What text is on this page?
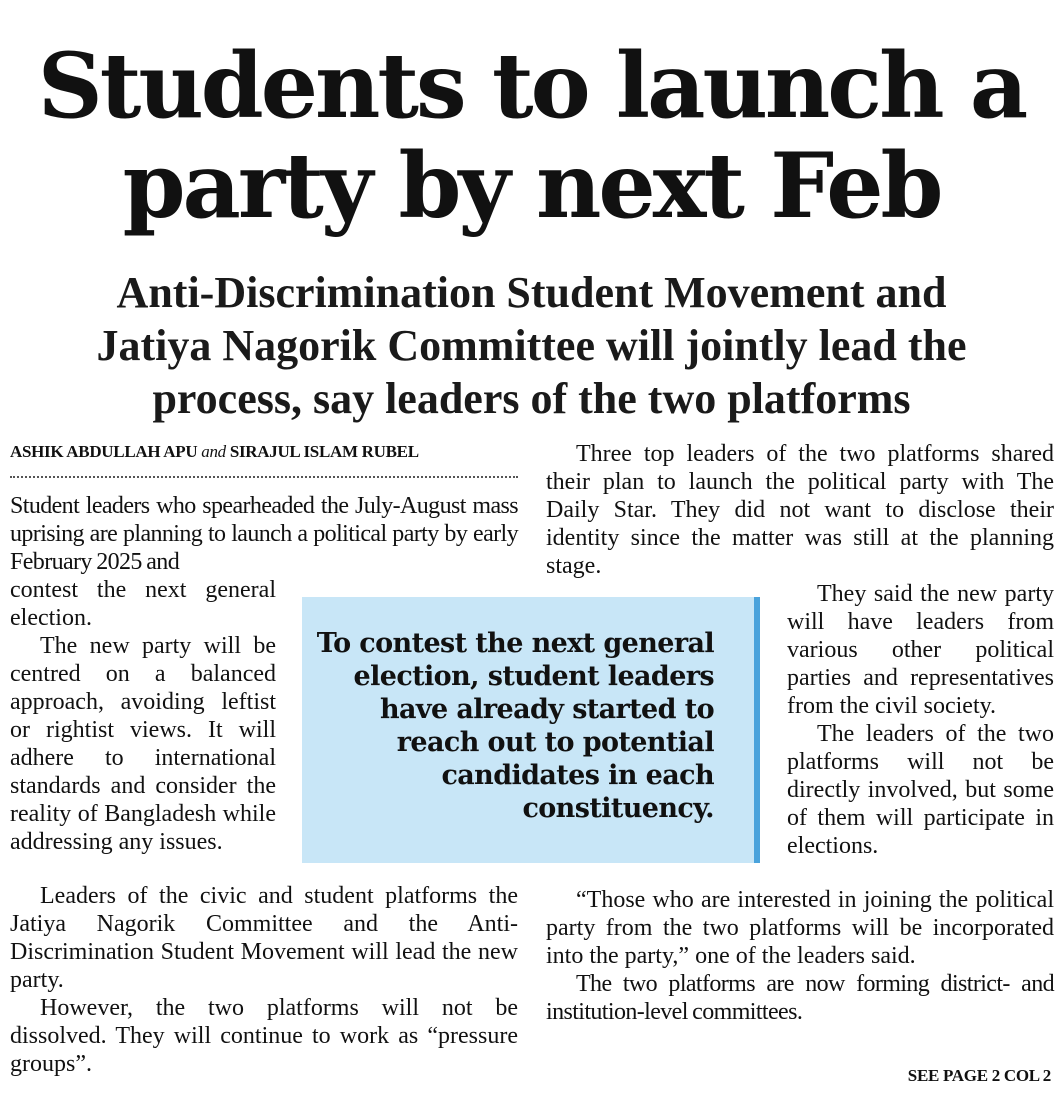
Students to launch a
party by next Feb
Anti-Discrimination Student Movement and
Jatiya Nagorik Committee will jointly lead the
process, say leaders of the two platforms
ASHIK ABDULLAH APU and SIRAJUL ISLAM RUBEL

Student leaders who spearheaded the July-August mass uprising are planning to launch a political party by early February 2025 and

contest the next general election.

The new party will be centred on a balanced approach, avoiding leftist or rightist views. It will adhere to international standards and consider the reality of Bangladesh while addressing any issues.

Leaders of the civic and student platforms the Jatiya Nagorik Committee and the Anti-Discrimination Student Movement will lead the new party.

However, the two platforms will not be dissolved. They will continue to work as “pressure groups”.

To contest the next general election, student leaders have already started to reach out to potential candidates in each constituency.

Three top leaders of the two platforms shared their plan to launch the political party with The Daily Star. They did not want to disclose their identity since the matter was still at the planning stage.

They said the new party will have leaders from various other political parties and representatives from the civil society.

The leaders of the two platforms will not be directly involved, but some of them will participate in elections.

“Those who are interested in joining the political party from the two platforms will be incorporated into the party,” one of the leaders said.

The two platforms are now forming district- and institution-level committees.

SEE PAGE 2 COL 2
